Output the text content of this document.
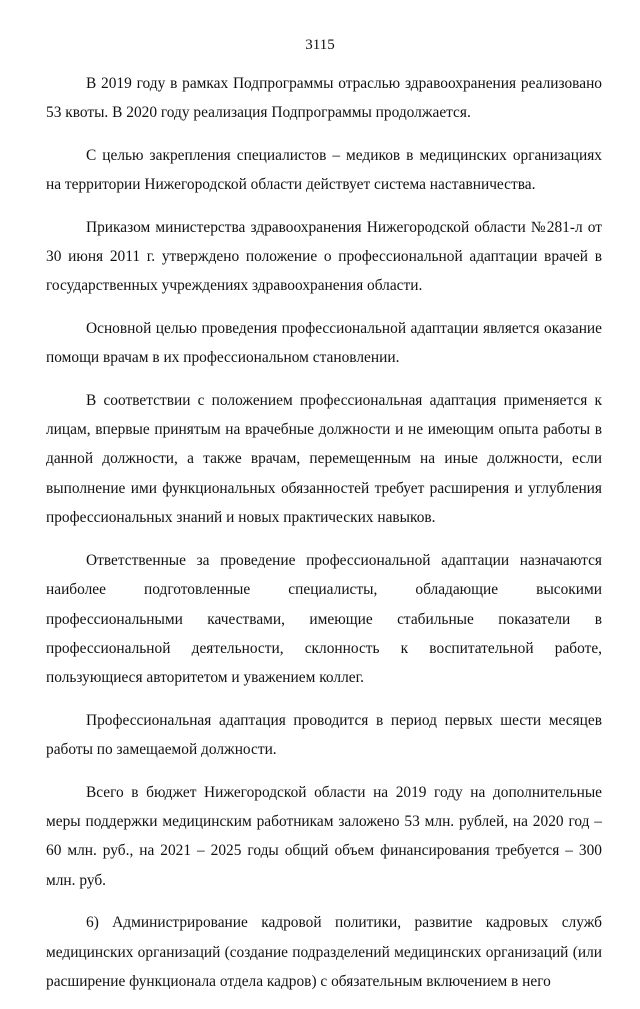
3115

В 2019 году в рамках Подпрограммы отраслью здравоохранения реализовано 53 квоты. В 2020 году реализация Подпрограммы продолжается.

С целью закрепления специалистов – медиков в медицинских организациях на территории Нижегородской области действует система наставничества.

Приказом министерства здравоохранения Нижегородской области №281-л от 30 июня 2011 г. утверждено положение о профессиональной адаптации врачей в государственных учреждениях здравоохранения области.

Основной целью проведения профессиональной адаптации является оказание помощи врачам в их профессиональном становлении.

В соответствии с положением профессиональная адаптация применяется к лицам, впервые принятым на врачебные должности и не имеющим опыта работы в данной должности, а также врачам, перемещенным на иные должности, если выполнение ими функциональных обязанностей требует расширения и углубления профессиональных знаний и новых практических навыков.

Ответственные за проведение профессиональной адаптации назначаются наиболее подготовленные специалисты, обладающие высокими профессиональными качествами, имеющие стабильные показатели в профессиональной деятельности, склонность к воспитательной работе, пользующиеся авторитетом и уважением коллег.

Профессиональная адаптация проводится в период первых шести месяцев работы по замещаемой должности.

Всего в бюджет Нижегородской области на 2019 году на дополнительные меры поддержки медицинским работникам заложено 53 млн. рублей, на 2020 год – 60 млн. руб., на 2021 – 2025 годы общий объем финансирования требуется – 300 млн. руб.

6) Администрирование кадровой политики, развитие кадровых служб медицинских организаций (создание подразделений медицинских организаций (или расширение функционала отдела кадров) с обязательным включением в него
